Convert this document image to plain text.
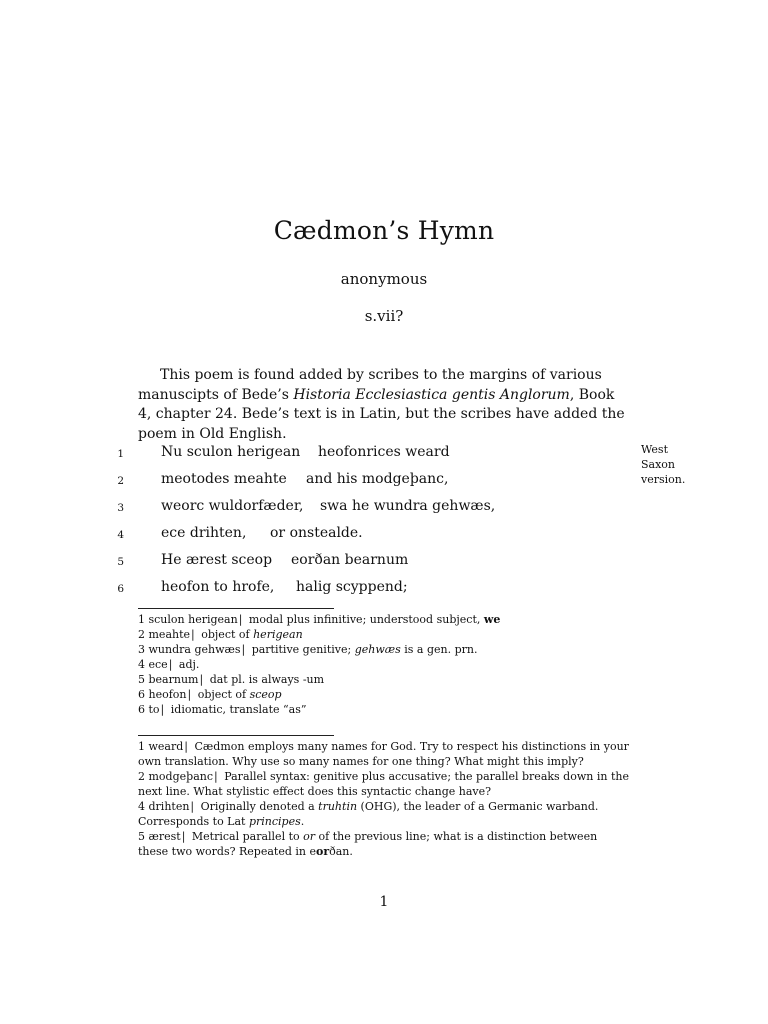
Cædmon’s Hymn
anonymous
s.vii?

This poem is found added by scribes to the margins of various manuscipts of Bede’s Historia Ecclesiastica gentis Anglorum, Book 4, chapter 24. Bede’s text is in Latin, but the scribes have added the poem in Old English.

1	Nu sculon herigean heofonrices weard
2	meotodes meahte and his modgeþanc,
3	weorc wuldorfæder, swa he wundra gehwæs,
4	ece drihten, or onstealde.
5	He ærest sceop eorðan bearnum
6	heofon to hrofe, halig scyppend;
West Saxon version.

1 sculon herigean| modal plus infinitive; understood subject, we

2 meahte| object of herigean

3 wundra gehwæs| partitive genitive; gehwæs is a gen. prn.

4 ece| adj.

5 bearnum| dat pl. is always -um

6 heofon| object of sceop

6 to| idiomatic, translate “as”

1 weard| Cædmon employs many names for God. Try to respect his distinctions in your own translation. Why use so many names for one thing? What might this imply?

2 modgeþanc| Parallel syntax: genitive plus accusative; the parallel breaks down in the next line. What stylistic effect does this syntactic change have?

4 drihten| Originally denoted a truhtin (OHG), the leader of a Germanic warband. Corresponds to Lat principes.

5 ærest| Metrical parallel to or of the previous line; what is a distinction between these two words? Repeated in eorðan.

1
